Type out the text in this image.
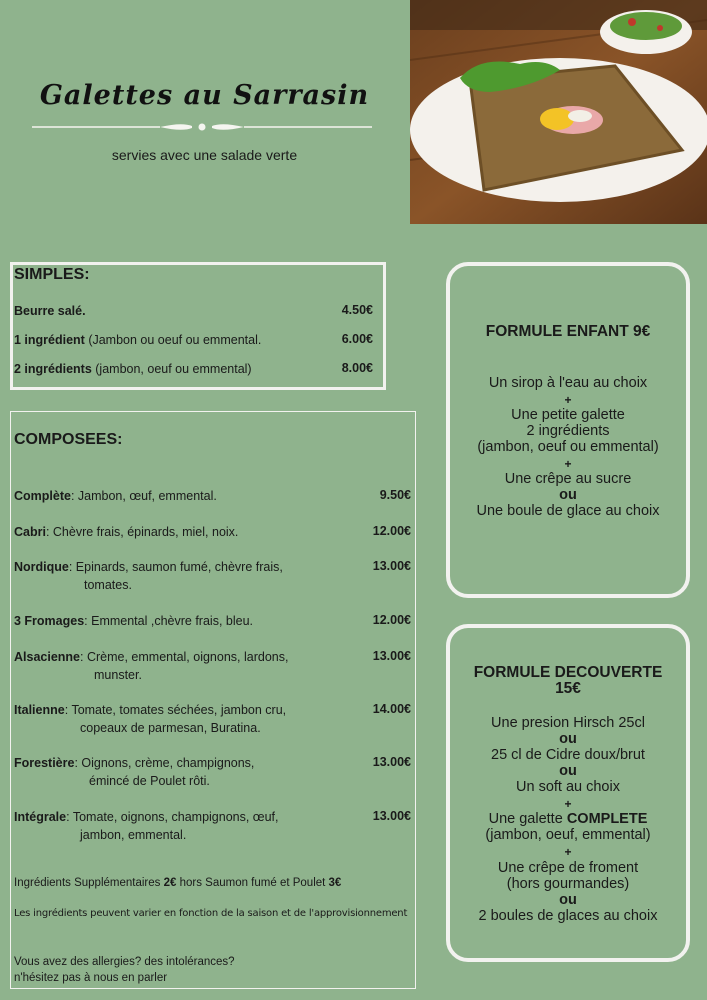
Galettes au Sarrasin
servies avec une salade verte
SIMPLES:
Beurre salé.	4.50€
1 ingrédient (Jambon ou oeuf ou emmental.	6.00€
2 ingrédients (jambon, oeuf ou emmental)	8.00€
COMPOSEES:
Complète: Jambon, œuf, emmental.	9.50€
Cabri: Chèvre frais, épinards, miel, noix.	12.00€
Nordique: Epinards, saumon fumé, chèvre frais,
tomates.
13.00€
3 Fromages: Emmental ,chèvre frais, bleu.	12.00€
Alsacienne: Crème, emmental, oignons, lardons,
munster.
13.00€
Italienne: Tomate, tomates séchées, jambon cru,
copeaux de parmesan, Buratina.
14.00€
Forestière: Oignons, crème, champignons,
émincé de Poulet rôti.
13.00€
Intégrale: Tomate, oignons, champignons, œuf,
jambon, emmental.
13.00€
Ingrédients Supplémentaires 2€ hors Saumon fumé et Poulet 3€
Les ingrédients peuvent varier en fonction de la saison et de l'approvisionnement
Vous avez des allergies? des intolérances?
n'hésitez pas à nous en parler
FORMULE ENFANT 9€
Un sirop à l'eau au choix
+
Une petite galette
2 ingrédients
(jambon, oeuf ou emmental)
+
Une crêpe au sucre
ou
Une boule de glace au choix
FORMULE DECOUVERTE
15€
Une presion Hirsch 25cl
ou
25 cl de Cidre doux/brut
ou
Un soft au choix
+
Une galette COMPLETE
(jambon, oeuf, emmental)
+
Une crêpe de froment
(hors gourmandes)
ou
2 boules de glaces au choix
